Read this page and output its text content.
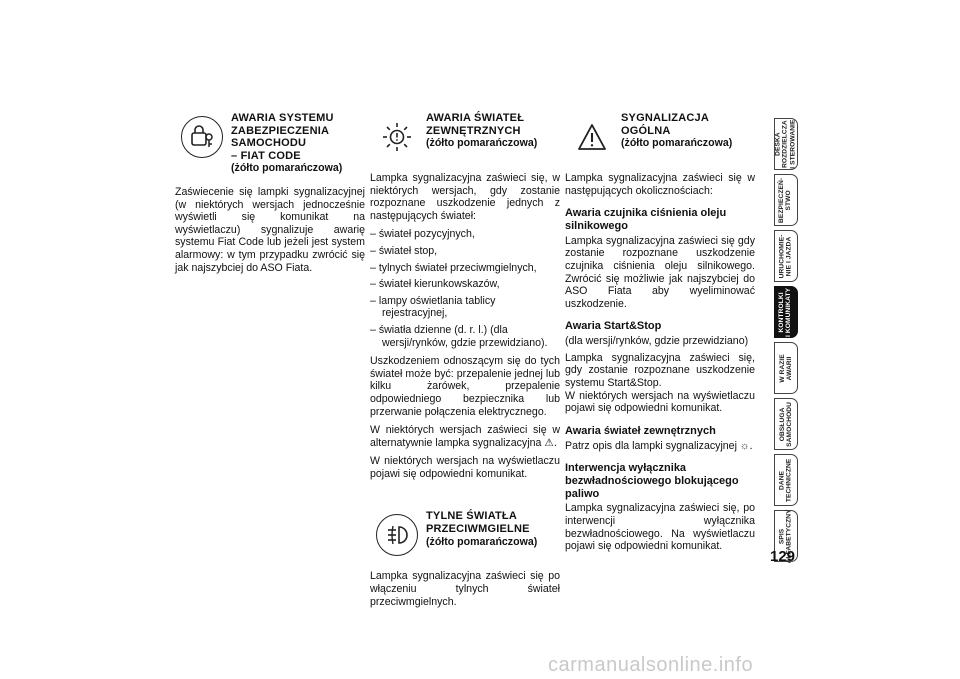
AWARIA SYSTEMU
ZABEZPIECZENIA
SAMOCHODU
– FIAT CODE
(żółto pomarańczowa)

Zaświecenie się lampki sygnalizacyjnej (w niektórych wersjach jednocześnie wyświetli się komunikat na wyświetlaczu) sygnalizuje awarię systemu Fiat Code lub jeżeli jest system alarmowy: w tym przypadku zwrócić się jak najszybciej do ASO Fiata.

AWARIA ŚWIATEŁ
ZEWNĘTRZNYCH
(żółto pomarańczowa)

Lampka sygnalizacyjna zaświeci się, w niektórych wersjach, gdy zostanie rozpoznane uszkodzenie jednych z następujących świateł:

– świateł pozycyjnych,
– świateł stop,
– tylnych świateł przeciwmgielnych,
– świateł kierunkowskazów,
– lampy oświetlania tablicy rejestracyjnej,
– światła dzienne (d. r. l.) (dla wersji/rynków, gdzie przewidziano).

Uszkodzeniem odnoszącym się do tych świateł może być: przepalenie jednej lub kilku żarówek, przepalenie odpowiedniego bezpiecznika lub przerwanie połączenia elektrycznego.

W niektórych wersjach zaświeci się w alternatywnie lampka sygnalizacyjna ⚠.

W niektórych wersjach na wyświetlaczu pojawi się odpowiedni komunikat.

TYLNE ŚWIATŁA
PRZECIWMGIELNE
(żółto pomarańczowa)

Lampka sygnalizacyjna zaświeci się po włączeniu tylnych świateł przeciwmgielnych.

SYGNALIZACJA
OGÓLNA
(żółto pomarańczowa)

Lampka sygnalizacyjna zaświeci się w następujących okolicznościach:

Awaria czujnika ciśnienia oleju silnikowego

Lampka sygnalizacyjna zaświeci się gdy zostanie rozpoznane uszkodzenie czujnika ciśnienia oleju silnikowego. Zwrócić się możliwie jak najszybciej do ASO Fiata aby wyeliminować uszkodzenie.

Awaria Start&Stop

(dla wersji/rynków, gdzie przewidziano)

Lampka sygnalizacyjna zaświeci się, gdy zostanie rozpoznane uszkodzenie systemu Start&Stop.

W niektórych wersjach na wyświetlaczu pojawi się odpowiedni komunikat.

Awaria świateł zewnętrznych

Patrz opis dla lampki sygnalizacyjnej ☼.

Interwencja wyłącznika bezwładnościowego blokującego paliwo

Lampka sygnalizacyjna zaświeci się, po interwencji wyłącznika bezwładnościowego. Na wyświetlaczu pojawi się odpowiedni komunikat.

DESKA
ROZDZIELCZA
I STEROWANIE
BEZPIECZEŃ-
STWO
URUCHOMIE-
NIE I JAZDA
KONTROLKI
I KOMUNIKATY
W RAZIE
AWARII
OBSŁUGA
SAMOCHODU
DANE
TECHNICZNE
SPIS
ALFABETYCZNY
129
carmanualsonline.info
